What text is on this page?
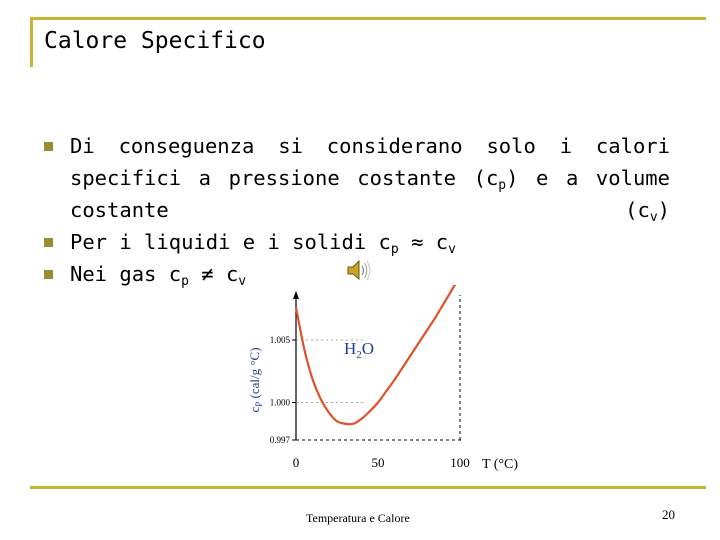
Calore Specifico
Di conseguenza si considerano solo i calori specifici a pressione costante $(c_p)$ e a volume costante $(c_v)$
Per i liquidi e i solidi $c_p \approx c_v$
Nei gas $c_p \ne c_v$
0.997
1.000
1.005
0	50	100
$c_P$ (cal/g °C)	$H_2O$
T (°C)
Temperatura e Calore	20
